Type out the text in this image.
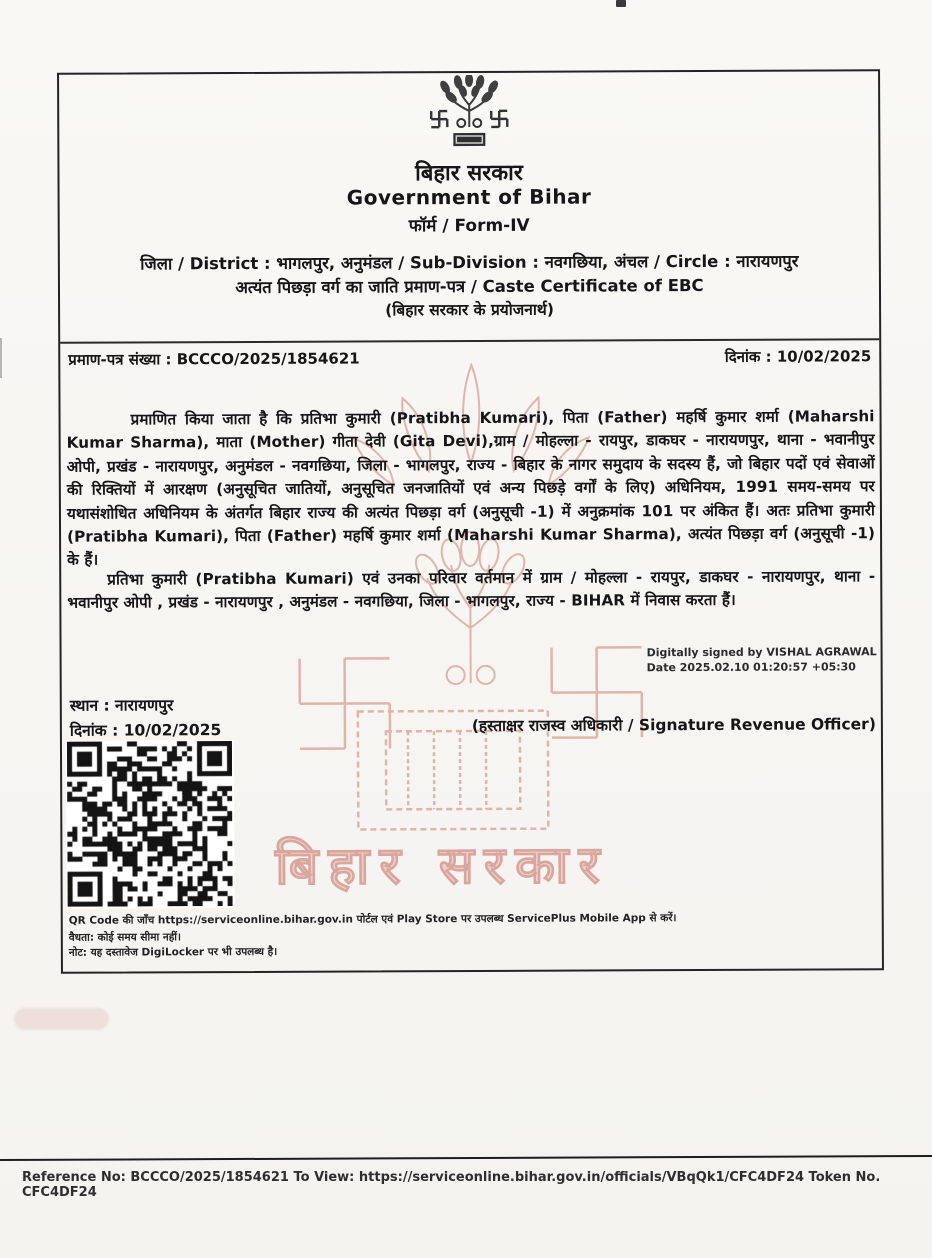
बिहार सरकार
बिहार सरकार
Government of Bihar
फॉर्म / Form-IV
जिला / District : भागलपुर, अनुमंडल / Sub-Division : नवगछिया, अंचल / Circle : नारायणपुर
अत्यंत पिछड़ा वर्ग का जाति प्रमाण-पत्र / Caste Certificate of EBC
(बिहार सरकार के प्रयोजनार्थ)
प्रमाण-पत्र संख्या : BCCCO/2025/1854621	दिनांक : 10/02/2025
प्रमाणित किया जाता है कि प्रतिभा कुमारी (Pratibha Kumari), पिता (Father) महर्षि कुमार शर्मा (Maharshi Kumar Sharma), माता (Mother) गीता देवी (Gita Devi),ग्राम / मोहल्ला - रायपुर, डाकघर - नारायणपुर, थाना - भवानीपुर ओपी, प्रखंड - नारायणपुर, अनुमंडल - नवगछिया, जिला - भागलपुर, राज्य - बिहार के नागर समुदाय के सदस्य हैं, जो बिहार पदों एवं सेवाओं की रिक्तियों में आरक्षण (अनुसूचित जातियों, अनुसूचित जनजातियों एवं अन्य पिछड़े वर्गों के लिए) अधिनियम, 1991 समय-समय पर यथासंशोधित अधिनियम के अंतर्गत बिहार राज्य की अत्यंत पिछड़ा वर्ग (अनुसूची -1) में अनुक्रमांक 101 पर अंकित हैं। अतः प्रतिभा कुमारी (Pratibha Kumari), पिता (Father) महर्षि कुमार शर्मा (Maharshi Kumar Sharma), अत्यंत पिछड़ा वर्ग (अनुसूची -1) के हैं।
प्रतिभा कुमारी (Pratibha Kumari) एवं उनका परिवार वर्तमान में ग्राम / मोहल्ला - रायपुर, डाकघर - नारायणपुर, थाना - भवानीपुर ओपी , प्रखंड - नारायणपुर , अनुमंडल - नवगछिया, जिला - भागलपुर, राज्य - BIHAR में निवास करता हैं।
Digitally signed by VISHAL AGRAWAL
Date 2025.02.10 01:20:57 +05:30
स्थान : नारायणपुर
दिनांक : 10/02/2025	(हस्ताक्षर राजस्व अधिकारी / Signature Revenue Officer)
QR Code की जाँच https://serviceonline.bihar.gov.in पोर्टल एवं Play Store पर उपलब्ध ServicePlus Mobile App से करें।
वैधता: कोई समय सीमा नहीं।
नोट: यह दस्तावेज DigiLocker पर भी उपलब्ध है।
Reference No: BCCCO/2025/1854621 To View: https://serviceonline.bihar.gov.in/officials/VBqQk1/CFC4DF24 Token No. CFC4DF24
